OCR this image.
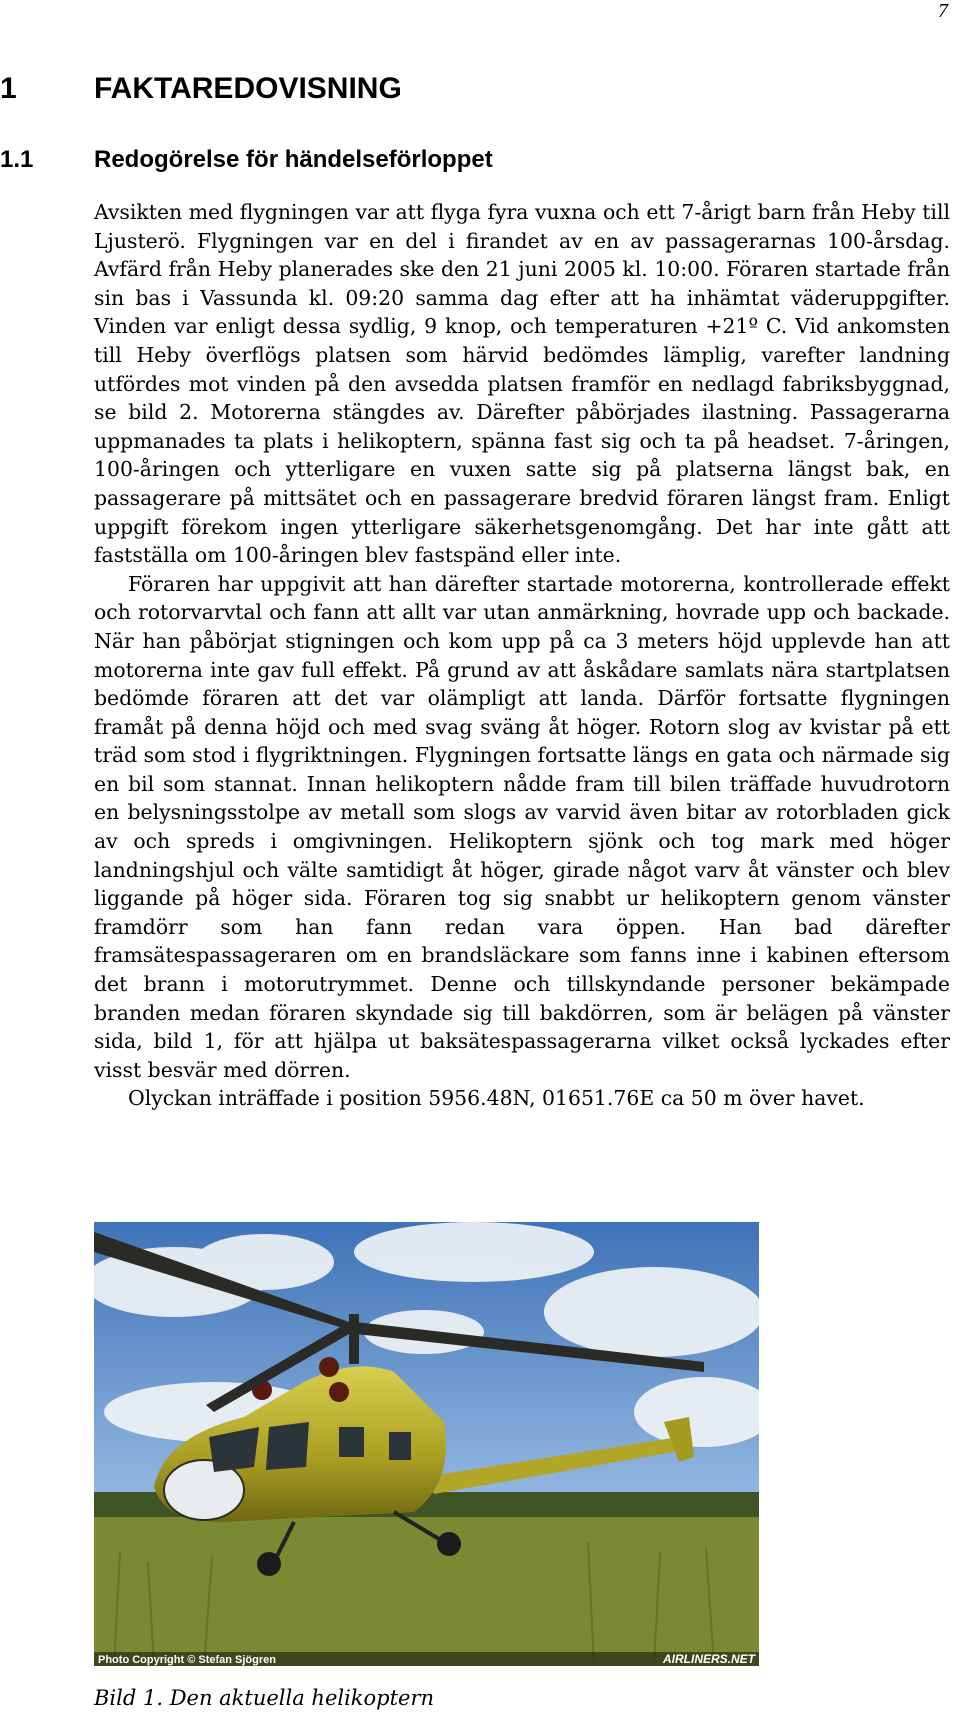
7
1	FAKTAREDOVISNING
1.1	Redogörelse för händelseförloppet

Avsikten med flygningen var att flyga fyra vuxna och ett 7-årigt barn från Heby till Ljusterö. Flygningen var en del i firandet av en av passagerarnas 100-årsdag. Avfärd från Heby planerades ske den 21 juni 2005 kl. 10:00. Föraren startade från sin bas i Vassunda kl. 09:20 samma dag efter att ha inhämtat väderuppgifter. Vinden var enligt dessa sydlig, 9 knop, och temperaturen +21º C. Vid ankomsten till Heby överflögs platsen som härvid bedömdes lämplig, varefter landning utfördes mot vinden på den avsedda platsen framför en nedlagd fabriksbyggnad, se bild 2. Motorerna stängdes av. Därefter påbörjades ilastning. Passagerarna uppmanades ta plats i helikoptern, spänna fast sig och ta på headset. 7-åringen, 100-åringen och ytterligare en vuxen satte sig på platserna längst bak, en passagerare på mittsätet och en passagerare bredvid föraren längst fram. Enligt uppgift förekom ingen ytterligare säkerhetsgenomgång. Det har inte gått att fastställa om 100-åringen blev fastspänd eller inte.

Föraren har uppgivit att han därefter startade motorerna, kontrollerade effekt och rotorvarvtal och fann att allt var utan anmärkning, hovrade upp och backade. När han påbörjat stigningen och kom upp på ca 3 meters höjd upplevde han att motorerna inte gav full effekt. På grund av att åskådare samlats nära startplatsen bedömde föraren att det var olämpligt att landa. Därför fortsatte flygningen framåt på denna höjd och med svag sväng åt höger. Rotorn slog av kvistar på ett träd som stod i flygriktningen. Flygningen fortsatte längs en gata och närmade sig en bil som stannat. Innan helikoptern nådde fram till bilen träffade huvudrotorn en belysningsstolpe av metall som slogs av varvid även bitar av rotorbladen gick av och spreds i omgivningen. Helikoptern sjönk och tog mark med höger landningshjul och välte samtidigt åt höger, girade något varv åt vänster och blev liggande på höger sida. Föraren tog sig snabbt ur helikoptern genom vänster framdörr som han fann redan vara öppen. Han bad därefter framsätespassageraren om en brandsläckare som fanns inne i kabinen eftersom det brann i motorutrymmet. Denne och tillskyndande personer bekämpade branden medan föraren skyndade sig till bakdörren, som är belägen på vänster sida, bild 1, för att hjälpa ut baksätespassagerarna vilket också lyckades efter visst besvär med dörren.

Olyckan inträffade i position 5956.48N, 01651.76E ca 50 m över havet.

Photo Copyright © Stefan Sjögren	AIRLINERS.NET
Bild 1. Den aktuella helikoptern
